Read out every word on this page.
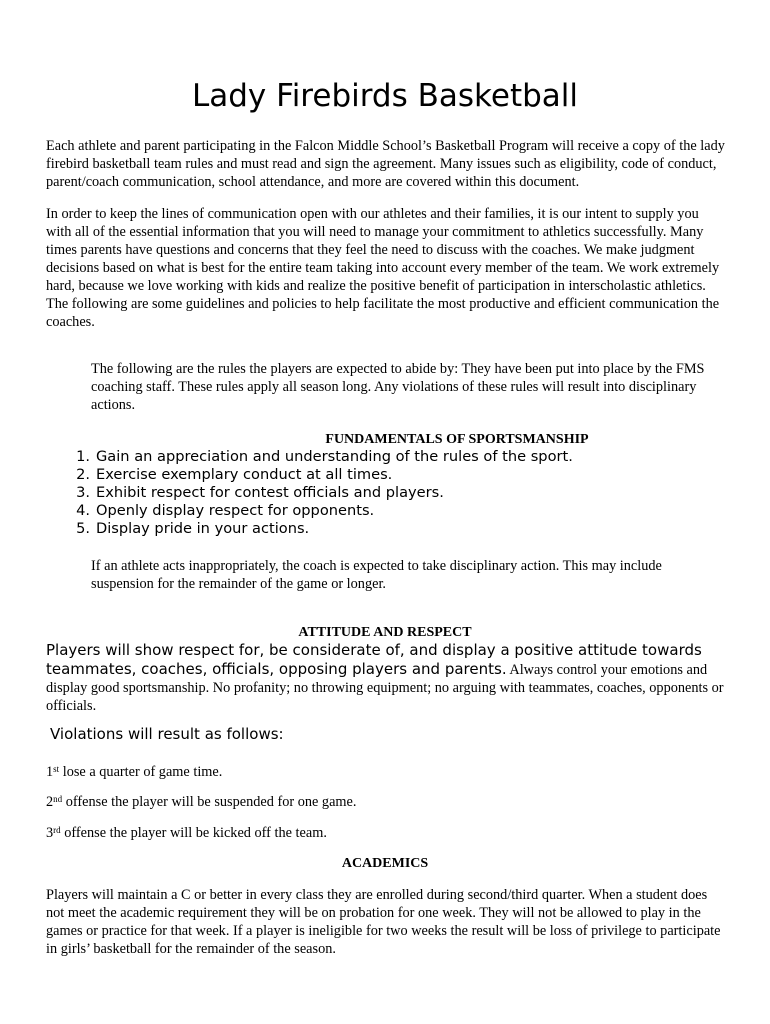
Lady Firebirds Basketball

Each athlete and parent participating in the Falcon Middle School’s Basketball Program will receive a copy of the lady firebird basketball team rules and must read and sign the agreement. Many issues such as eligibility, code of conduct, parent/coach communication, school attendance, and more are covered within this document.

In order to keep the lines of communication open with our athletes and their families, it is our intent to supply you with all of the essential information that you will need to manage your commitment to athletics successfully. Many times parents have questions and concerns that they feel the need to discuss with the coaches. We make judgment decisions based on what is best for the entire team taking into account every member of the team. We work extremely hard, because we love working with kids and realize the positive benefit of participation in interscholastic athletics. The following are some guidelines and policies to help facilitate the most productive and efficient communication the coaches.

The following are the rules the players are expected to abide by: They have been put into place by the FMS coaching staff. These rules apply all season long. Any violations of these rules will result into disciplinary actions.

FUNDAMENTALS OF SPORTSMANSHIP

1. Gain an appreciation and understanding of the rules of the sport.
2. Exercise exemplary conduct at all times.
3. Exhibit respect for contest officials and players.
4. Openly display respect for opponents.
5. Display pride in your actions.

If an athlete acts inappropriately, the coach is expected to take disciplinary action. This may include suspension for the remainder of the game or longer.

ATTITUDE AND RESPECT

Players will show respect for, be considerate of, and display a positive attitude towards teammates, coaches, officials, opposing players and parents. Always control your emotions and display good sportsmanship. No profanity; no throwing equipment; no arguing with teammates, coaches, opponents or officials.

Violations will result as follows:

1st lose a quarter of game time.

2nd offense the player will be suspended for one game.

3rd offense the player will be kicked off the team.

ACADEMICS

Players will maintain a C or better in every class they are enrolled during second/third quarter. When a student does not meet the academic requirement they will be on probation for one week. They will not be allowed to play in the games or practice for that week. If a player is ineligible for two weeks the result will be loss of privilege to participate in girls’ basketball for the remainder of the season.
